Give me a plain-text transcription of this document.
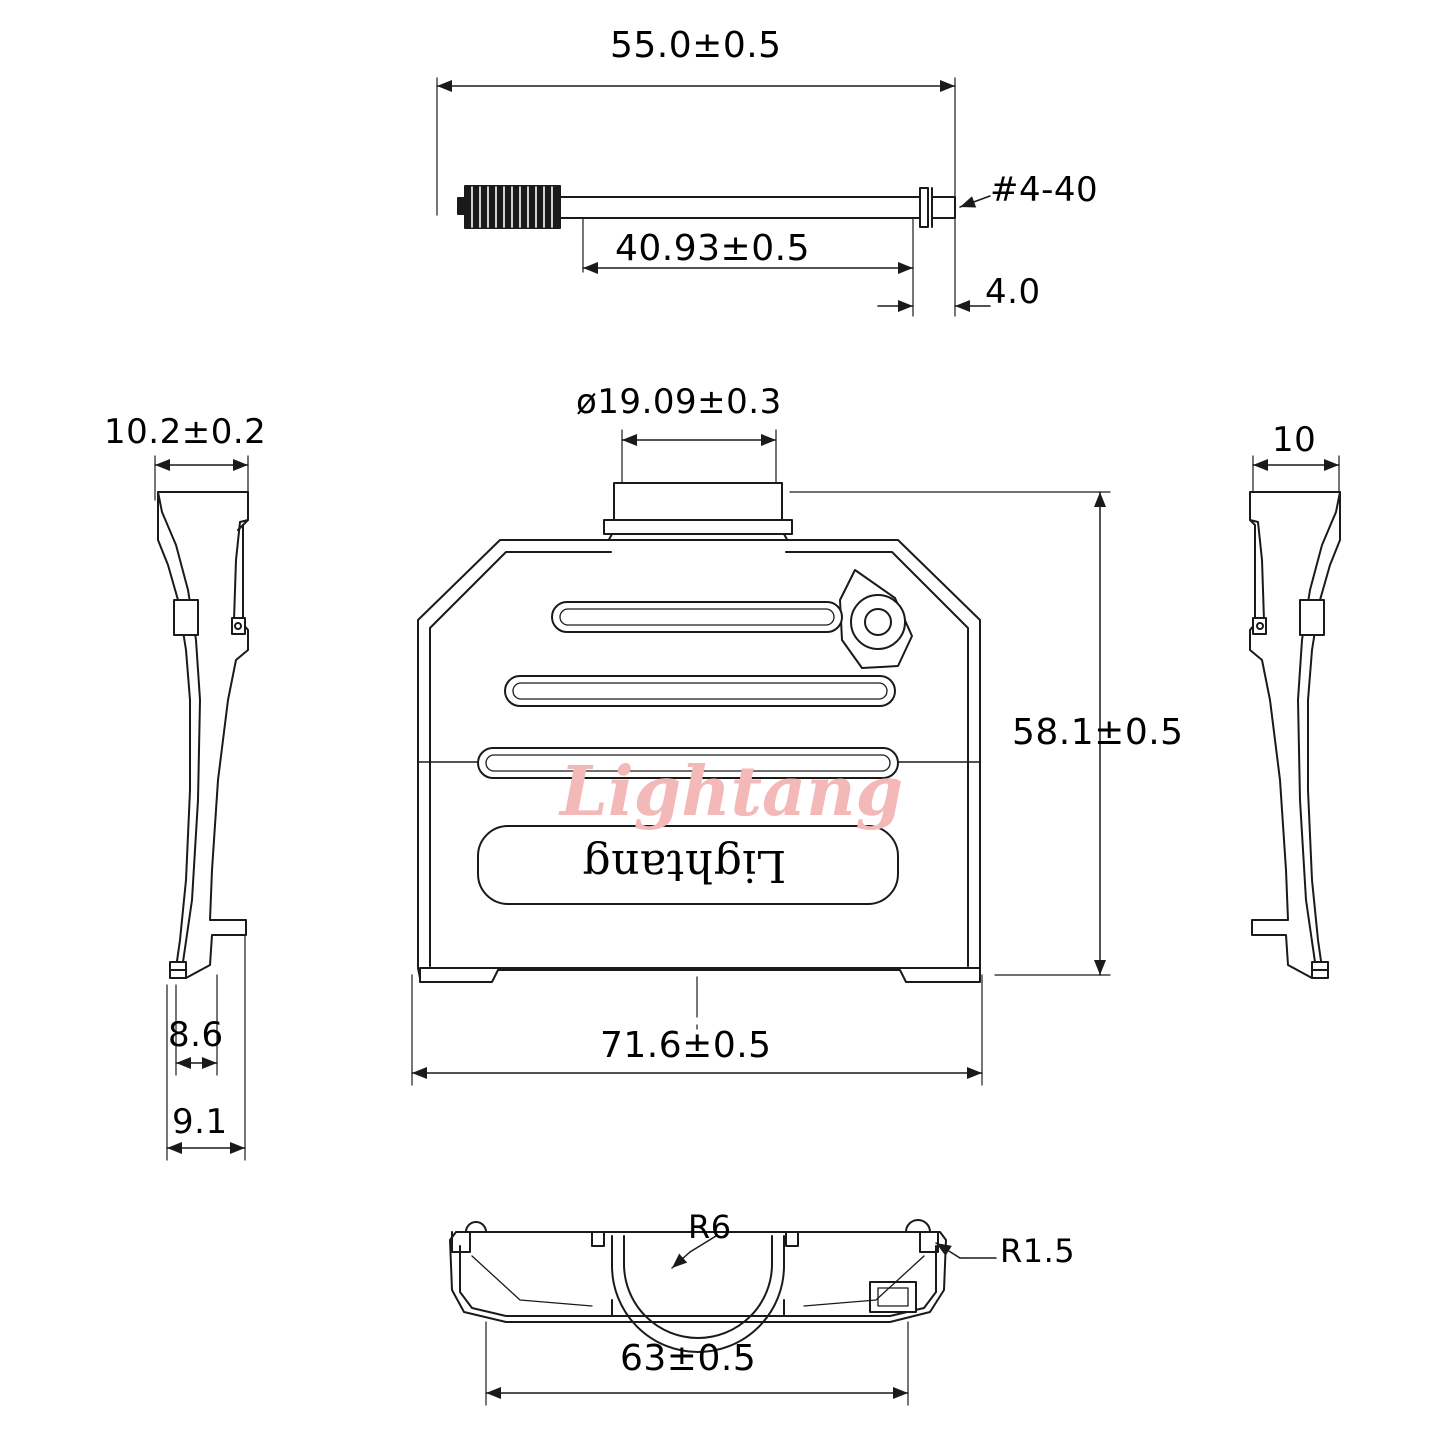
55.0±0.5
#4-40
40.93±0.5
4.0
ø19.09±0.3
10.2±0.2	10
58.1±0.5
8.6	71.6±0.5
9.1
R6
R1.5
63±0.5
Lightang
Lightang
